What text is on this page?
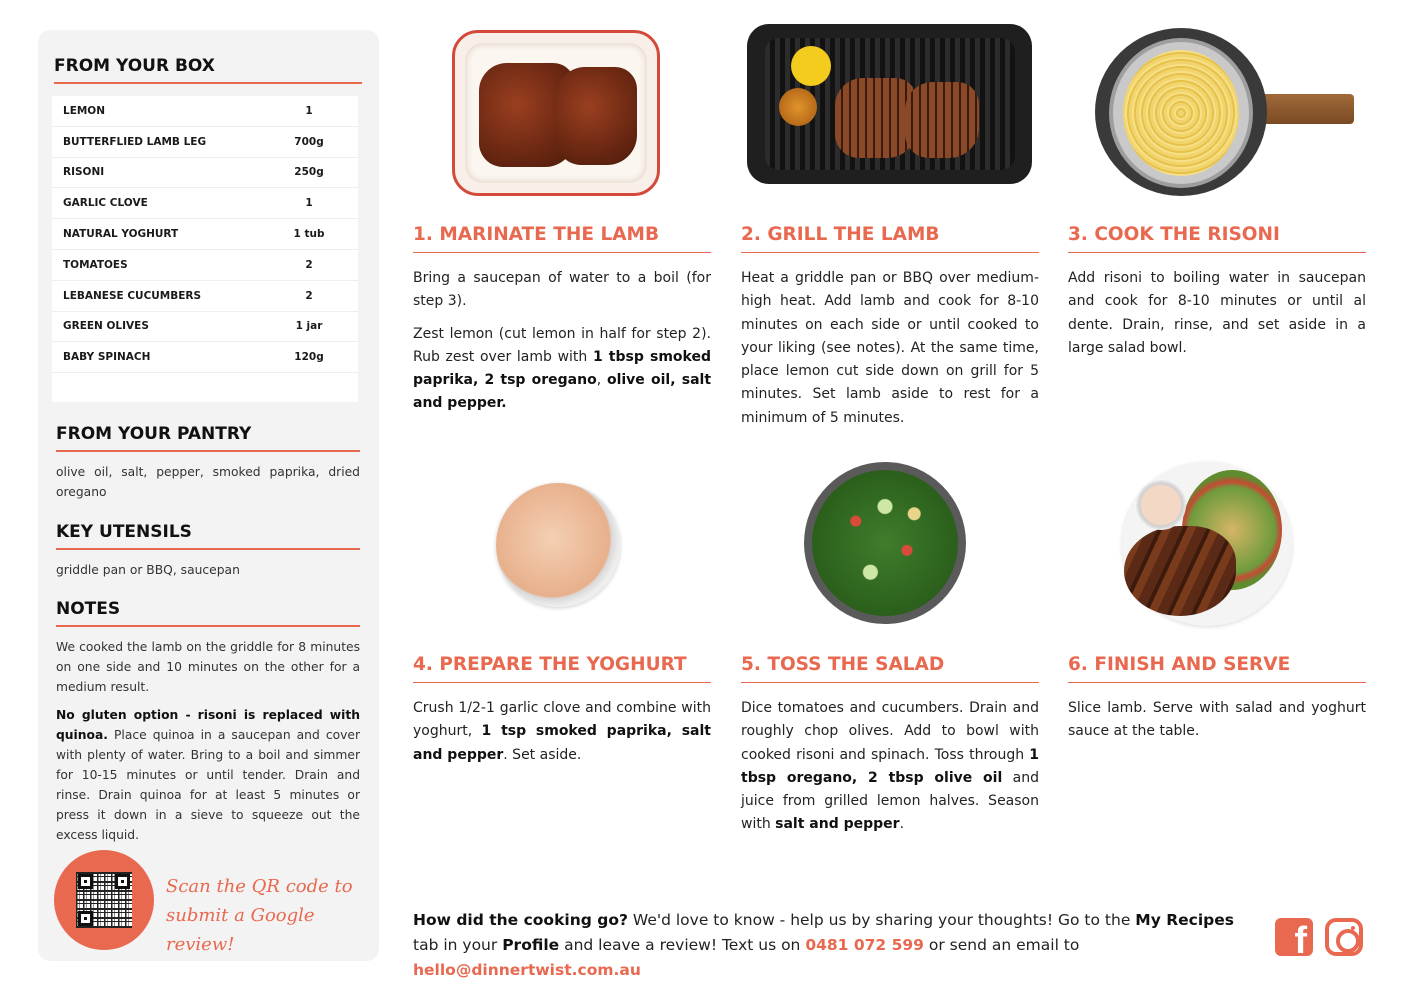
FROM YOUR BOX
LEMON	1
BUTTERFLIED LAMB LEG	700g
RISONI	250g
GARLIC CLOVE	1
NATURAL YOGHURT	1 tub
TOMATOES	2
LEBANESE CUCUMBERS	2
GREEN OLIVES	1 jar
BABY SPINACH	120g
FROM YOUR PANTRY
olive oil, salt, pepper, smoked paprika, dried oregano
KEY UTENSILS
griddle pan or BBQ, saucepan
NOTES
We cooked the lamb on the griddle for 8 minutes on one side and 10 minutes on the other for a medium result.
No gluten option - risoni is replaced with quinoa. Place quinoa in a saucepan and cover with plenty of water. Bring to a boil and simmer for 10-15 minutes or until tender. Drain and rinse. Drain quinoa for at least 5 minutes or press it down in a sieve to squeeze out the excess liquid.
Scan the QR code to
submit a Google review!
1. MARINATE THE LAMB
Bring a saucepan of water to a boil (for step 3).
Zest lemon (cut lemon in half for step 2). Rub zest over lamb with 1 tbsp smoked paprika, 2 tsp oregano, olive oil, salt and pepper.
2. GRILL THE LAMB
Heat a griddle pan or BBQ over medium-high heat. Add lamb and cook for 8-10 minutes on each side or until cooked to your liking (see notes). At the same time, place lemon cut side down on grill for 5 minutes. Set lamb aside to rest for a minimum of 5 minutes.
3. COOK THE RISONI
Add risoni to boiling water in saucepan and cook for 8-10 minutes or until al dente. Drain, rinse, and set aside in a large salad bowl.
4. PREPARE THE YOGHURT
Crush 1/2-1 garlic clove and combine with yoghurt, 1 tsp smoked paprika, salt and pepper. Set aside.
5. TOSS THE SALAD
Dice tomatoes and cucumbers. Drain and roughly chop olives. Add to bowl with cooked risoni and spinach. Toss through 1 tbsp oregano, 2 tbsp olive oil and juice from grilled lemon halves. Season with salt and pepper.
6. FINISH AND SERVE
Slice lamb. Serve with salad and yoghurt sauce at the table.
How did the cooking go? We'd love to know - help us by sharing your thoughts! Go to the My Recipes tab in your Profile and leave a review! Text us on 0481 072 599 or send an email to hello@dinnertwist.com.au
f
